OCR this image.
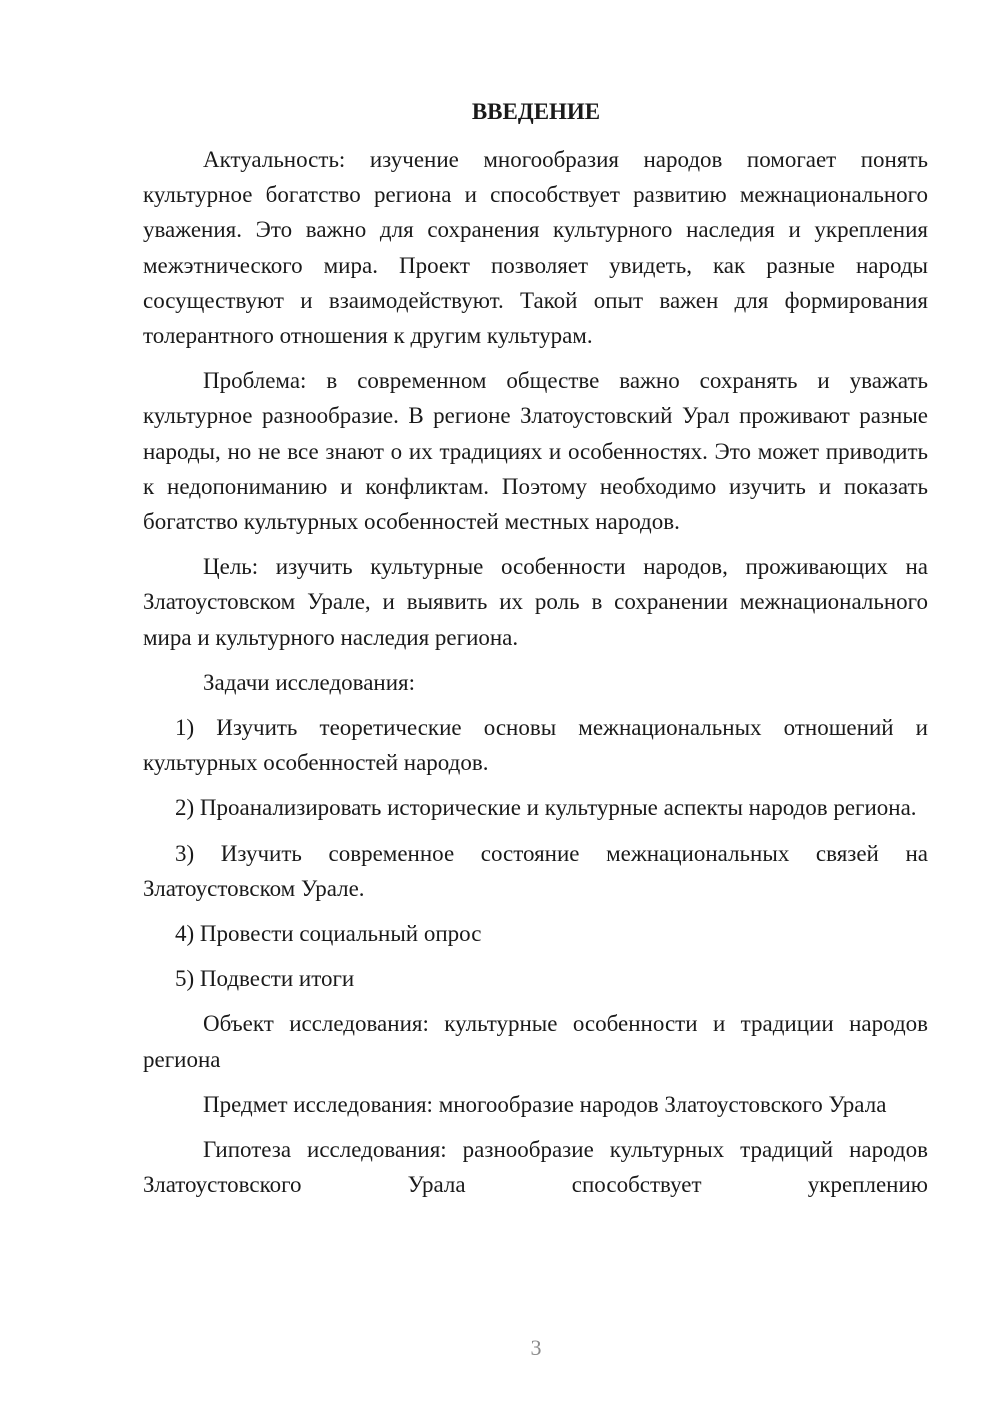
ВВЕДЕНИЕ

Актуальность: изучение многообразия народов помогает понять культурное богатство региона и способствует развитию межнационального уважения. Это важно для сохранения культурного наследия и укрепления межэтнического мира. Проект позволяет увидеть, как разные народы сосуществуют и взаимодействуют. Такой опыт важен для формирования толерантного отношения к другим культурам.

Проблема: в современном обществе важно сохранять и уважать культурное разнообразие. В регионе Златоустовский Урал проживают разные народы, но не все знают о их традициях и особенностях. Это может приводить к недопониманию и конфликтам. Поэтому необходимо изучить и показать богатство культурных особенностей местных народов.

Цель: изучить культурные особенности народов, проживающих на Златоустовском Урале, и выявить их роль в сохранении межнационального мира и культурного наследия региона.

Задачи исследования:

1) Изучить теоретические основы межнациональных отношений и культурных особенностей народов.

2) Проанализировать исторические и культурные аспекты народов региона.

3) Изучить современное состояние межнациональных связей на Златоустовском Урале.

4) Провести социальный опрос

5) Подвести итоги

Объект исследования: культурные особенности и традиции народов региона

Предмет исследования: многообразие народов Златоустовского Урала

Гипотеза исследования: разнообразие культурных традиций народов Златоустовского Урала способствует укреплению

3
